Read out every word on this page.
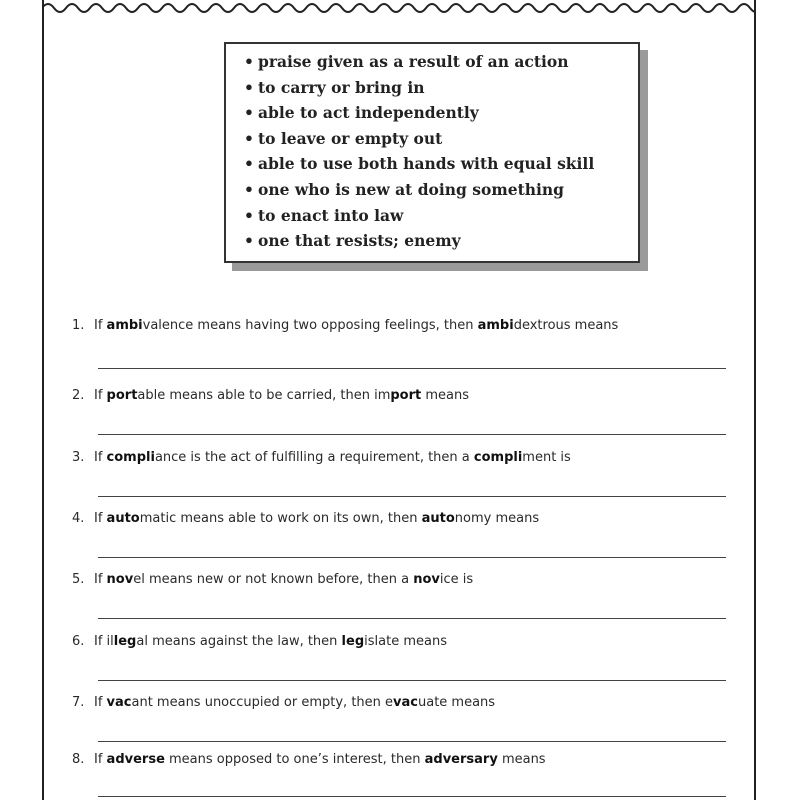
• praise given as a result of an action
• to carry or bring in
• able to act independently
• to leave or empty out
• able to use both hands with equal skill
• one who is new at doing something
• to enact into law
• one that resists; enemy
1. If ambivalence means having two opposing feelings, then ambidextrous means
2. If portable means able to be carried, then import means
3. If compliance is the act of fulfilling a requirement, then a compliment is
4. If automatic means able to work on its own, then autonomy means
5. If novel means new or not known before, then a novice is
6. If illegal means against the law, then legislate means
7. If vacant means unoccupied or empty, then evacuate means
8. If adverse means opposed to one’s interest, then adversary means
